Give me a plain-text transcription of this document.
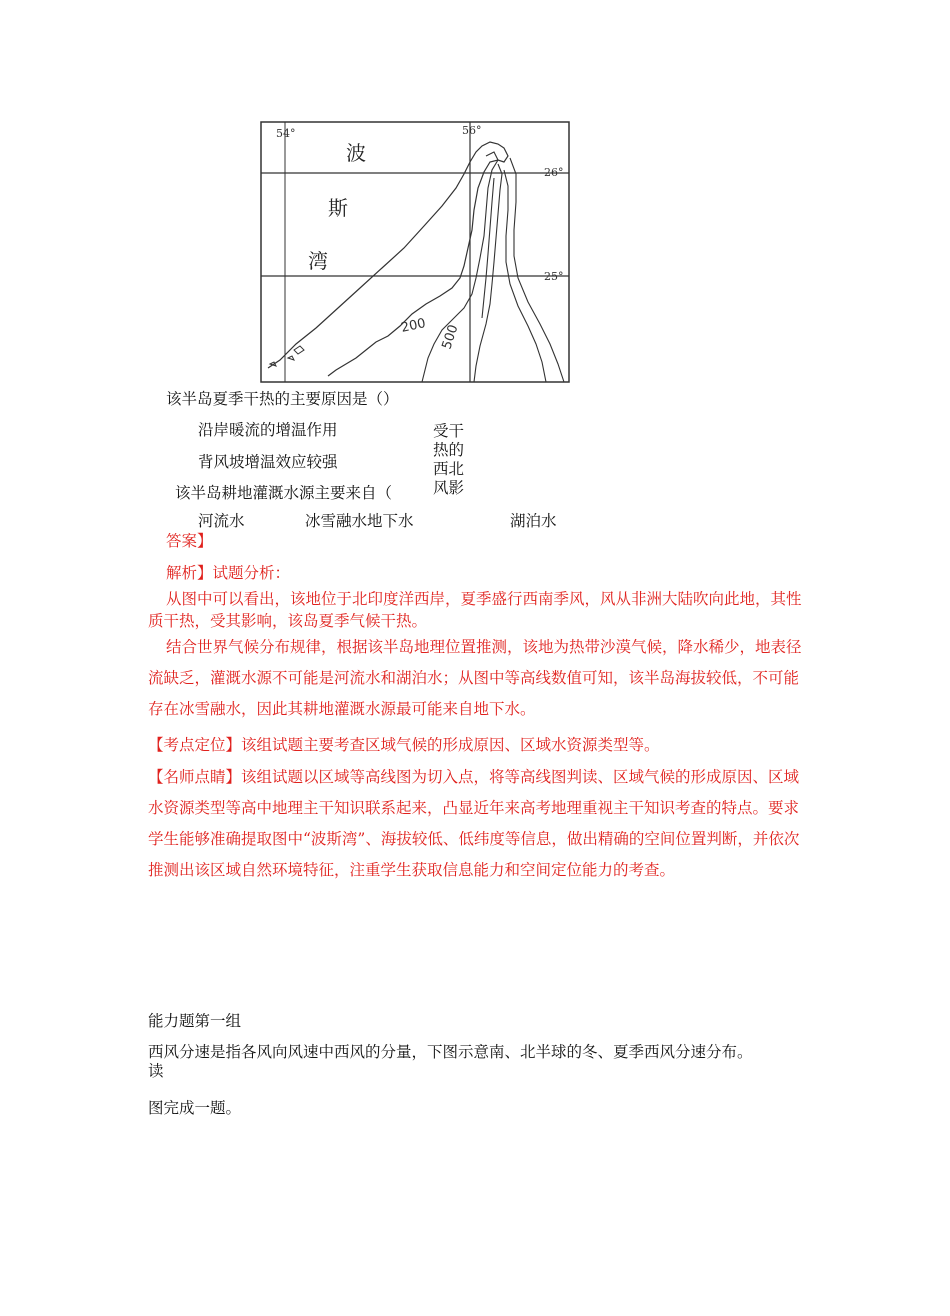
54°	56°
26°
25°
波
斯
湾
200 500
该半岛夏季干热的主要原因是（）
沿岸暖流的增温作用
背风坡增温效应较强
受干
热的
西北
风影
该半岛耕地灌溉水源主要来自（
河流水	冰雪融水地下水	湖泊水
答案】
解析】试题分析：
从图中可以看出，该地位于北印度洋西岸，夏季盛行西南季风，风从非洲大陆吹向此地，其性质干热，受其影响，该岛夏季气候干热。
结合世界气候分布规律，根据该半岛地理位置推测，该地为热带沙漠气候，降水稀少，地表径流缺乏，灌溉水源不可能是河流水和湖泊水；从图中等高线数值可知，该半岛海拔较低，不可能存在冰雪融水，因此其耕地灌溉水源最可能来自地下水。
【考点定位】该组试题主要考查区域气候的形成原因、区域水资源类型等。
【名师点睛】该组试题以区域等高线图为切入点，将等高线图判读、区域气候的形成原因、区域水资源类型等高中地理主干知识联系起来，凸显近年来高考地理重视主干知识考查的特点。要求学生能够准确提取图中“波斯湾”、海拔较低、低纬度等信息，做出精确的空间位置判断，并依次推测出该区域自然环境特征，注重学生获取信息能力和空间定位能力的考查。
能力题第一组
西风分速是指各风向风速中西风的分量，下图示意南、北半球的冬、夏季西风分速分布。
读
图完成一题。
